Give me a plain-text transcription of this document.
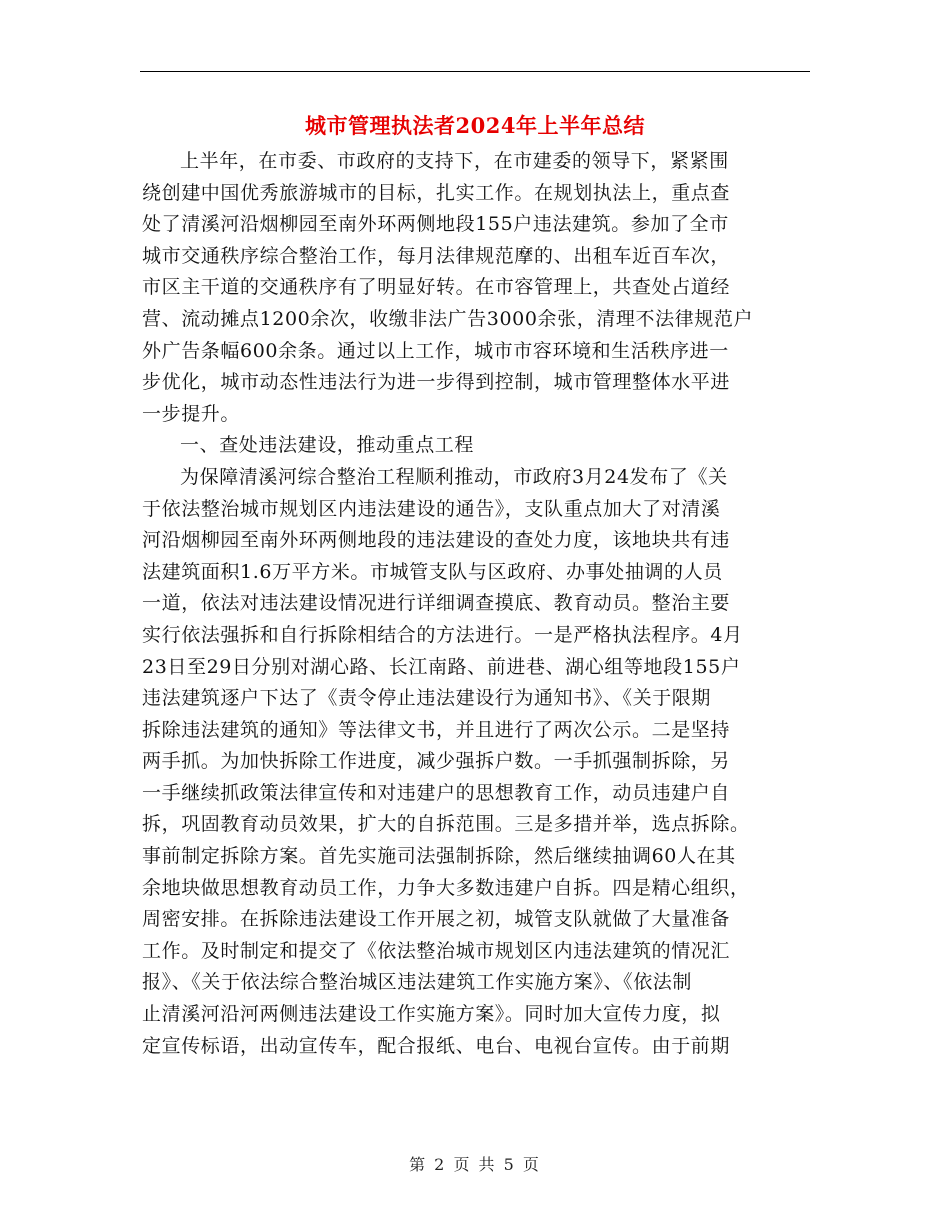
城市管理执法者2024年上半年总结
上半年，在市委、市政府的支持下，在市建委的领导下，紧紧围
绕创建中国优秀旅游城市的目标，扎实工作。在规划执法上，重点查
处了清溪河沿烟柳园至南外环两侧地段155户违法建筑。参加了全市
城市交通秩序综合整治工作，每月法律规范摩的、出租车近百车次，
市区主干道的交通秩序有了明显好转。在市容管理上，共查处占道经
营、流动摊点1200余次，收缴非法广告3000余张，清理不法律规范户
外广告条幅600余条。通过以上工作，城市市容环境和生活秩序进一
步优化，城市动态性违法行为进一步得到控制，城市管理整体水平进
一步提升。
一、查处违法建设，推动重点工程
为保障清溪河综合整治工程顺利推动，市政府3月24发布了《关
于依法整治城市规划区内违法建设的通告》，支队重点加大了对清溪
河沿烟柳园至南外环两侧地段的违法建设的查处力度，该地块共有违
法建筑面积1.6万平方米。市城管支队与区政府、办事处抽调的人员
一道，依法对违法建设情况进行详细调查摸底、教育动员。整治主要
实行依法强拆和自行拆除相结合的方法进行。一是严格执法程序。4月
23日至29日分别对湖心路、长江南路、前进巷、湖心组等地段155户
违法建筑逐户下达了《责令停止违法建设行为通知书》、《关于限期
拆除违法建筑的通知》等法律文书，并且进行了两次公示。二是坚持
两手抓。为加快拆除工作进度，减少强拆户数。一手抓强制拆除，另
一手继续抓政策法律宣传和对违建户的思想教育工作，动员违建户自
拆，巩固教育动员效果，扩大的自拆范围。三是多措并举，选点拆除。
事前制定拆除方案。首先实施司法强制拆除，然后继续抽调60人在其
余地块做思想教育动员工作，力争大多数违建户自拆。四是精心组织，
周密安排。在拆除违法建设工作开展之初，城管支队就做了大量准备
工作。及时制定和提交了《依法整治城市规划区内违法建筑的情况汇
报》、《关于依法综合整治城区违法建筑工作实施方案》、《依法制
止清溪河沿河两侧违法建设工作实施方案》。同时加大宣传力度，拟
定宣传标语，出动宣传车，配合报纸、电台、电视台宣传。由于前期
第 2 页 共 5 页
